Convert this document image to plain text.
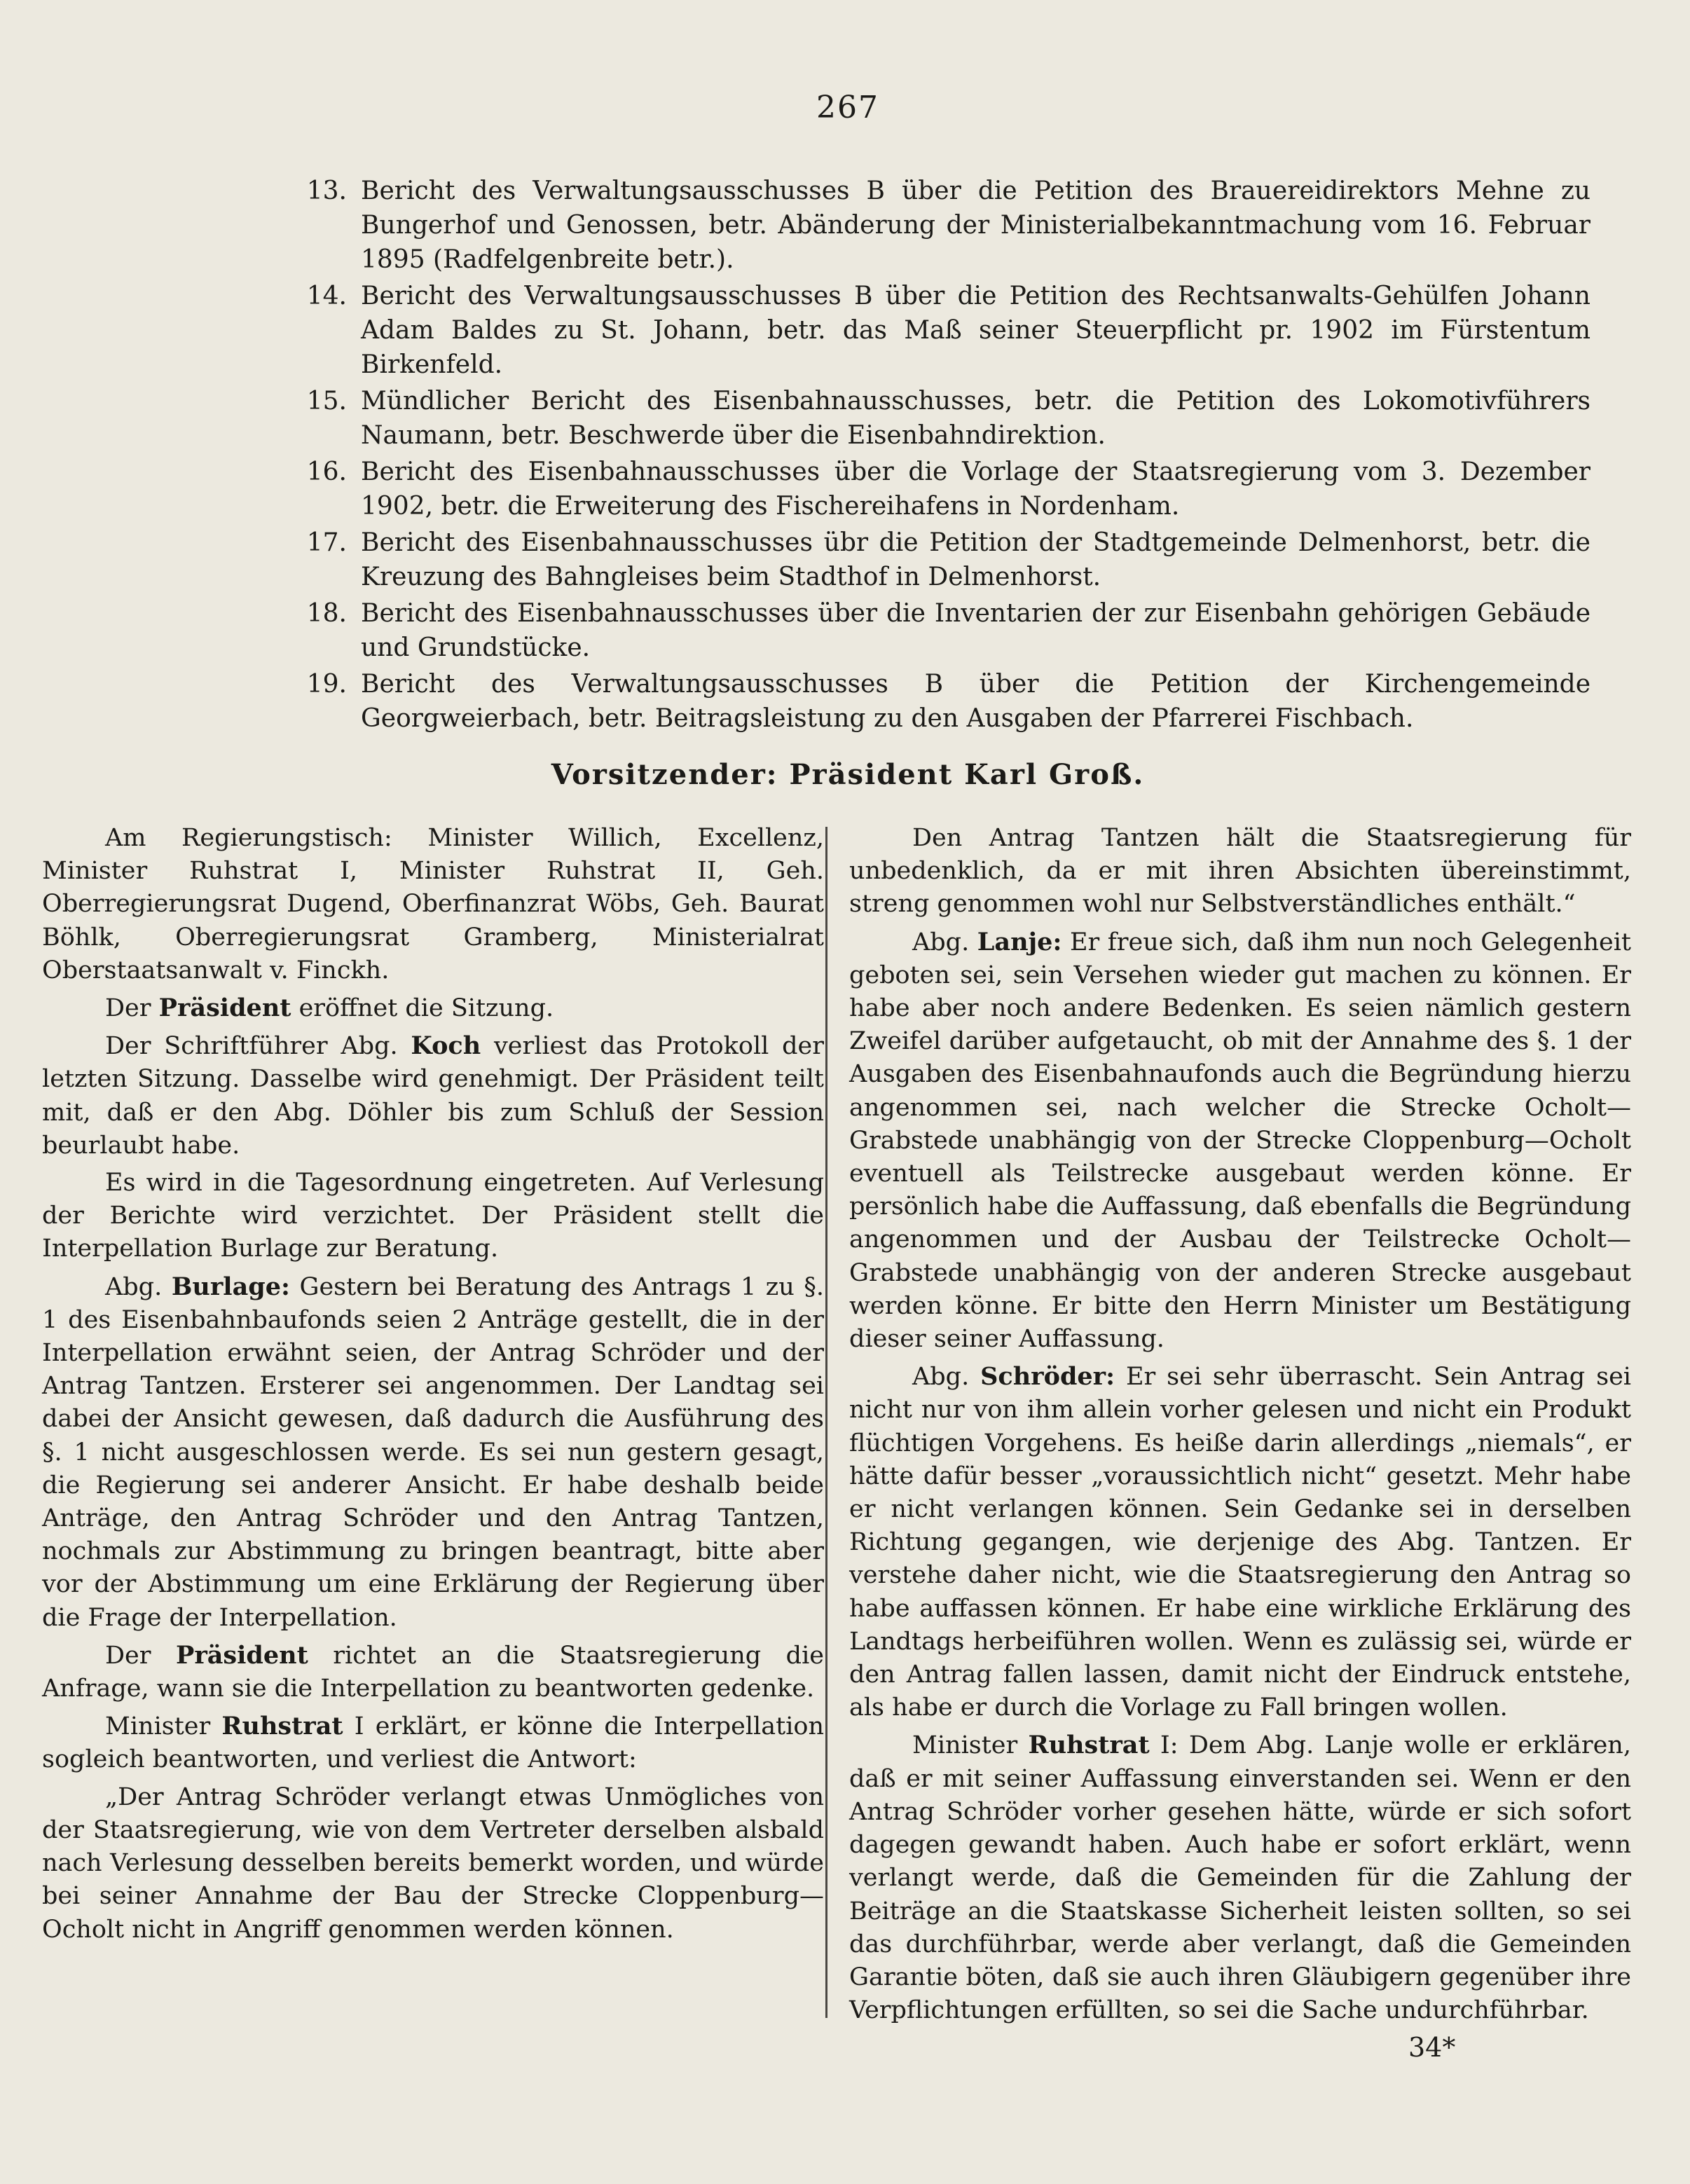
267
13. Bericht des Verwaltungsausschusses B über die Petition des Brauereidirektors Mehne zu Bungerhof und Genossen, betr. Abänderung der Ministerialbekanntmachung vom 16. Februar 1895 (Radfelgenbreite betr.).
14. Bericht des Verwaltungsausschusses B über die Petition des Rechtsanwalts-Gehülfen Johann Adam Baldes zu St. Johann, betr. das Maß seiner Steuerpflicht pr. 1902 im Fürstentum Birkenfeld.
15. Mündlicher Bericht des Eisenbahnausschusses, betr. die Petition des Lokomotivführers Naumann, betr. Beschwerde über die Eisenbahndirektion.
16. Bericht des Eisenbahnausschusses über die Vorlage der Staatsregierung vom 3. Dezember 1902, betr. die Erweiterung des Fischereihafens in Nordenham.
17. Bericht des Eisenbahnausschusses übr die Petition der Stadtgemeinde Delmenhorst, betr. die Kreuzung des Bahngleises beim Stadthof in Delmenhorst.
18. Bericht des Eisenbahnausschusses über die Inventarien der zur Eisenbahn gehörigen Gebäude und Grundstücke.
19. Bericht des Verwaltungsausschusses B über die Petition der Kirchengemeinde Georgweierbach, betr. Beitragsleistung zu den Ausgaben der Pfarrerei Fischbach.
Vorsitzender: Präsident Karl Groß.

Am Regierungstisch: Minister Willich, Excellenz, Minister Ruhstrat I, Minister Ruhstrat II, Geh. Oberregierungsrat Dugend, Oberfinanzrat Wöbs, Geh. Baurat Böhlk, Oberregierungsrat Gramberg, Ministerialrat Oberstaatsanwalt v. Finckh.

Der Präsident eröffnet die Sitzung.

Der Schriftführer Abg. Koch verliest das Protokoll der letzten Sitzung. Dasselbe wird genehmigt. Der Präsident teilt mit, daß er den Abg. Döhler bis zum Schluß der Session beurlaubt habe.

Es wird in die Tagesordnung eingetreten. Auf Verlesung der Berichte wird verzichtet. Der Präsident stellt die Interpellation Burlage zur Beratung.

Abg. Burlage: Gestern bei Beratung des Antrags 1 zu §. 1 des Eisenbahnbaufonds seien 2 Anträge gestellt, die in der Interpellation erwähnt seien, der Antrag Schröder und der Antrag Tantzen. Ersterer sei angenommen. Der Landtag sei dabei der Ansicht gewesen, daß dadurch die Ausführung des §. 1 nicht ausgeschlossen werde. Es sei nun gestern gesagt, die Regierung sei anderer Ansicht. Er habe deshalb beide Anträge, den Antrag Schröder und den Antrag Tantzen, nochmals zur Abstimmung zu bringen beantragt, bitte aber vor der Abstimmung um eine Erklärung der Regierung über die Frage der Interpellation.

Der Präsident richtet an die Staatsregierung die Anfrage, wann sie die Interpellation zu beantworten gedenke.

Minister Ruhstrat I erklärt, er könne die Interpellation sogleich beantworten, und verliest die Antwort:

„Der Antrag Schröder verlangt etwas Unmögliches von der Staatsregierung, wie von dem Vertreter derselben alsbald nach Verlesung desselben bereits bemerkt worden, und würde bei seiner Annahme der Bau der Strecke Cloppenburg—Ocholt nicht in Angriff genommen werden können.

Den Antrag Tantzen hält die Staatsregierung für unbedenklich, da er mit ihren Absichten übereinstimmt, streng genommen wohl nur Selbstverständliches enthält.“

Abg. Lanje: Er freue sich, daß ihm nun noch Gelegenheit geboten sei, sein Versehen wieder gut machen zu können. Er habe aber noch andere Bedenken. Es seien nämlich gestern Zweifel darüber aufgetaucht, ob mit der Annahme des §. 1 der Ausgaben des Eisenbahnaufonds auch die Begründung hierzu angenommen sei, nach welcher die Strecke Ocholt—Grabstede unabhängig von der Strecke Cloppenburg—Ocholt eventuell als Teilstrecke ausgebaut werden könne. Er persönlich habe die Auffassung, daß ebenfalls die Begründung angenommen und der Ausbau der Teilstrecke Ocholt—Grabstede unabhängig von der anderen Strecke ausgebaut werden könne. Er bitte den Herrn Minister um Bestätigung dieser seiner Auffassung.

Abg. Schröder: Er sei sehr überrascht. Sein Antrag sei nicht nur von ihm allein vorher gelesen und nicht ein Produkt flüchtigen Vorgehens. Es heiße darin allerdings „niemals“, er hätte dafür besser „voraussichtlich nicht“ gesetzt. Mehr habe er nicht verlangen können. Sein Gedanke sei in derselben Richtung gegangen, wie derjenige des Abg. Tantzen. Er verstehe daher nicht, wie die Staatsregierung den Antrag so habe auffassen können. Er habe eine wirkliche Erklärung des Landtags herbeiführen wollen. Wenn es zulässig sei, würde er den Antrag fallen lassen, damit nicht der Eindruck entstehe, als habe er durch die Vorlage zu Fall bringen wollen.

Minister Ruhstrat I: Dem Abg. Lanje wolle er erklären, daß er mit seiner Auffassung einverstanden sei. Wenn er den Antrag Schröder vorher gesehen hätte, würde er sich sofort dagegen gewandt haben. Auch habe er sofort erklärt, wenn verlangt werde, daß die Gemeinden für die Zahlung der Beiträge an die Staatskasse Sicherheit leisten sollten, so sei das durchführbar, werde aber verlangt, daß die Gemeinden Garantie böten, daß sie auch ihren Gläubigern gegenüber ihre Verpflichtungen erfüllten, so sei die Sache undurchführbar.

34*
